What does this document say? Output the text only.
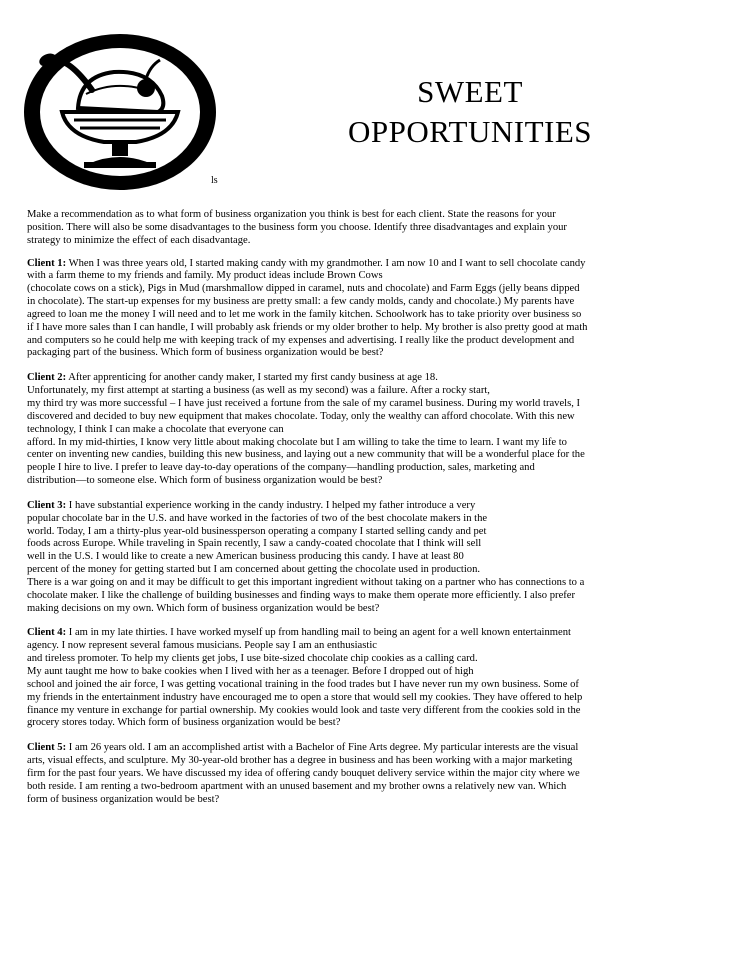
ls
SWEET
OPPORTUNITIES

Make a recommendation as to what form of business organization you think is best for each client. State the reasons for your
position. There will also be some disadvantages to the business form you choose. Identify three disadvantages and explain your
strategy to minimize the effect of each disadvantage.

Client 1: When I was three years old, I started making candy with my grandmother. I am now 10 and I want to sell chocolate candy
with a farm theme to my friends and family. My product ideas include Brown Cows
(chocolate cows on a stick), Pigs in Mud (marshmallow dipped in caramel, nuts and chocolate) and Farm Eggs (jelly beans dipped
in chocolate). The start-up expenses for my business are pretty small: a few candy molds, candy and chocolate.) My parents have
agreed to loan me the money I will need and to let me work in the family kitchen. Schoolwork has to take priority over business so
if I have more sales than I can handle, I will probably ask friends or my older brother to help. My brother is also pretty good at math
and computers so he could help me with keeping track of my expenses and advertising. I really like the product development and
packaging part of the business. Which form of business organization would be best?

Client 2: After apprenticing for another candy maker, I started my first candy business at age 18.
Unfortunately, my first attempt at starting a business (as well as my second) was a failure. After a rocky start,
my third try was more successful – I have just received a fortune from the sale of my caramel business. During my world travels, I
discovered and decided to buy new equipment that makes chocolate. Today, only the wealthy can afford chocolate. With this new
technology, I think I can make a chocolate that everyone can
afford. In my mid-thirties, I know very little about making chocolate but I am willing to take the time to learn. I want my life to
center on inventing new candies, building this new business, and laying out a new community that will be a wonderful place for the
people I hire to live. I prefer to leave day-to-day operations of the company—handling production, sales, marketing and
distribution—to someone else. Which form of business organization would be best?

Client 3: I have substantial experience working in the candy industry. I helped my father introduce a very
popular chocolate bar in the U.S. and have worked in the factories of two of the best chocolate makers in the
world. Today, I am a thirty-plus year-old businessperson operating a company I started selling candy and pet
foods across Europe. While traveling in Spain recently, I saw a candy-coated chocolate that I think will sell
well in the U.S. I would like to create a new American business producing this candy. I have at least 80
percent of the money for getting started but I am concerned about getting the chocolate used in production.
There is a war going on and it may be difficult to get this important ingredient without taking on a partner who has connections to a
chocolate maker. I like the challenge of building businesses and finding ways to make them operate more efficiently. I also prefer
making decisions on my own. Which form of business organization would be best?

Client 4: I am in my late thirties. I have worked myself up from handling mail to being an agent for a well known entertainment
agency. I now represent several famous musicians. People say I am an enthusiastic
and tireless promoter. To help my clients get jobs, I use bite-sized chocolate chip cookies as a calling card.
My aunt taught me how to bake cookies when I lived with her as a teenager. Before I dropped out of high
school and joined the air force, I was getting vocational training in the food trades but I have never run my own business. Some of
my friends in the entertainment industry have encouraged me to open a store that would sell my cookies. They have offered to help
finance my venture in exchange for partial ownership. My cookies would look and taste very different from the cookies sold in the
grocery stores today. Which form of business organization would be best?

Client 5: I am 26 years old. I am an accomplished artist with a Bachelor of Fine Arts degree. My particular interests are the visual
arts, visual effects, and sculpture. My 30-year-old brother has a degree in business and has been working with a major marketing
firm for the past four years. We have discussed my idea of offering candy bouquet delivery service within the major city where we
both reside. I am renting a two-bedroom apartment with an unused basement and my brother owns a relatively new van. Which
form of business organization would be best?
